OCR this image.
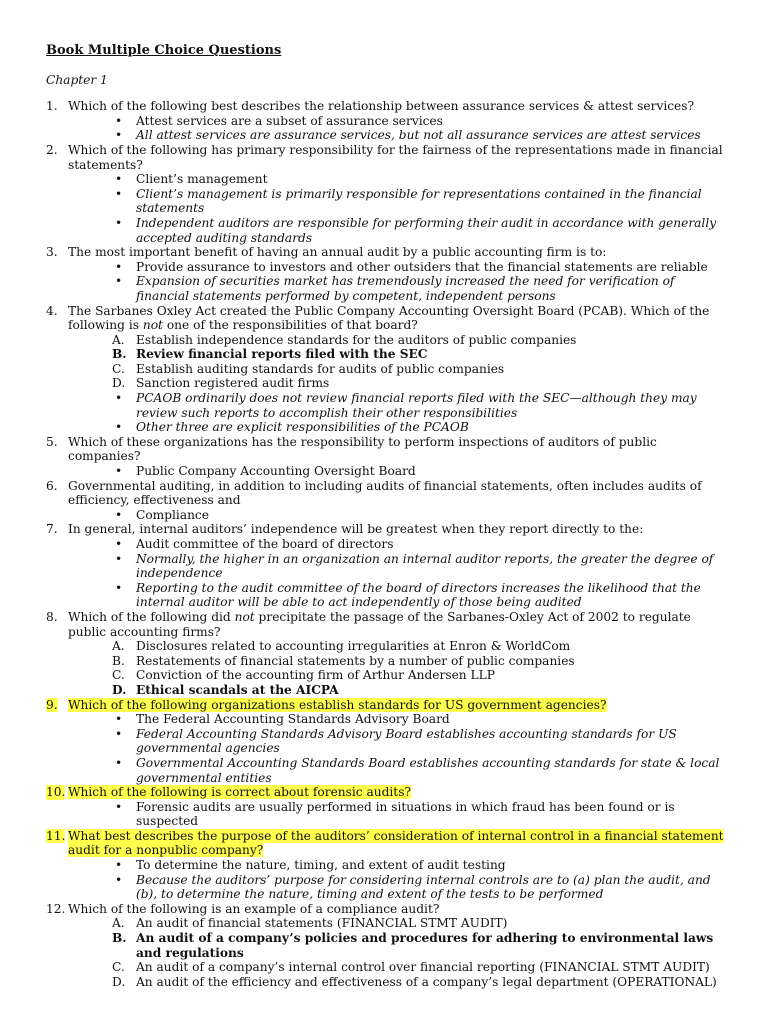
Book Multiple Choice Questions
Chapter 1
1. Which of the following best describes the relationship between assurance services & attest services?
• Attest services are a subset of assurance services
• All attest services are assurance services, but not all assurance services are attest services
2. Which of the following has primary responsibility for the fairness of the representations made in financial statements?
• Client’s management
• Client’s management is primarily responsible for representations contained in the financial statements
• Independent auditors are responsible for performing their audit in accordance with generally accepted auditing standards
3. The most important benefit of having an annual audit by a public accounting firm is to:
• Provide assurance to investors and other outsiders that the financial statements are reliable
• Expansion of securities market has tremendously increased the need for verification of financial statements performed by competent, independent persons
4. The Sarbanes Oxley Act created the Public Company Accounting Oversight Board (PCAB). Which of the following is not one of the responsibilities of that board?
A. Establish independence standards for the auditors of public companies
B. Review financial reports filed with the SEC
C. Establish auditing standards for audits of public companies
D. Sanction registered audit firms
• PCAOB ordinarily does not review financial reports filed with the SEC—although they may review such reports to accomplish their other responsibilities
• Other three are explicit responsibilities of the PCAOB
5. Which of these organizations has the responsibility to perform inspections of auditors of public companies?
• Public Company Accounting Oversight Board
6. Governmental auditing, in addition to including audits of financial statements, often includes audits of efficiency, effectiveness and
• Compliance
7. In general, internal auditors’ independence will be greatest when they report directly to the:
• Audit committee of the board of directors
• Normally, the higher in an organization an internal auditor reports, the greater the degree of independence
• Reporting to the audit committee of the board of directors increases the likelihood that the internal auditor will be able to act independently of those being audited
8. Which of the following did not precipitate the passage of the Sarbanes-Oxley Act of 2002 to regulate public accounting firms?
A. Disclosures related to accounting irregularities at Enron & WorldCom
B. Restatements of financial statements by a number of public companies
C. Conviction of the accounting firm of Arthur Andersen LLP
D. Ethical scandals at the AICPA
9. Which of the following organizations establish standards for US government agencies?
• The Federal Accounting Standards Advisory Board
• Federal Accounting Standards Advisory Board establishes accounting standards for US governmental agencies
• Governmental Accounting Standards Board establishes accounting standards for state & local governmental entities
10. Which of the following is correct about forensic audits?
• Forensic audits are usually performed in situations in which fraud has been found or is suspected
11. What best describes the purpose of the auditors’ consideration of internal control in a financial statement audit for a nonpublic company?
• To determine the nature, timing, and extent of audit testing
• Because the auditors’ purpose for considering internal controls are to (a) plan the audit, and (b), to determine the nature, timing and extent of the tests to be performed
12. Which of the following is an example of a compliance audit?
A. An audit of financial statements (FINANCIAL STMT AUDIT)
B. An audit of a company’s policies and procedures for adhering to environmental laws and regulations
C. An audit of a company’s internal control over financial reporting (FINANCIAL STMT AUDIT)
D. An audit of the efficiency and effectiveness of a company’s legal department (OPERATIONAL)
